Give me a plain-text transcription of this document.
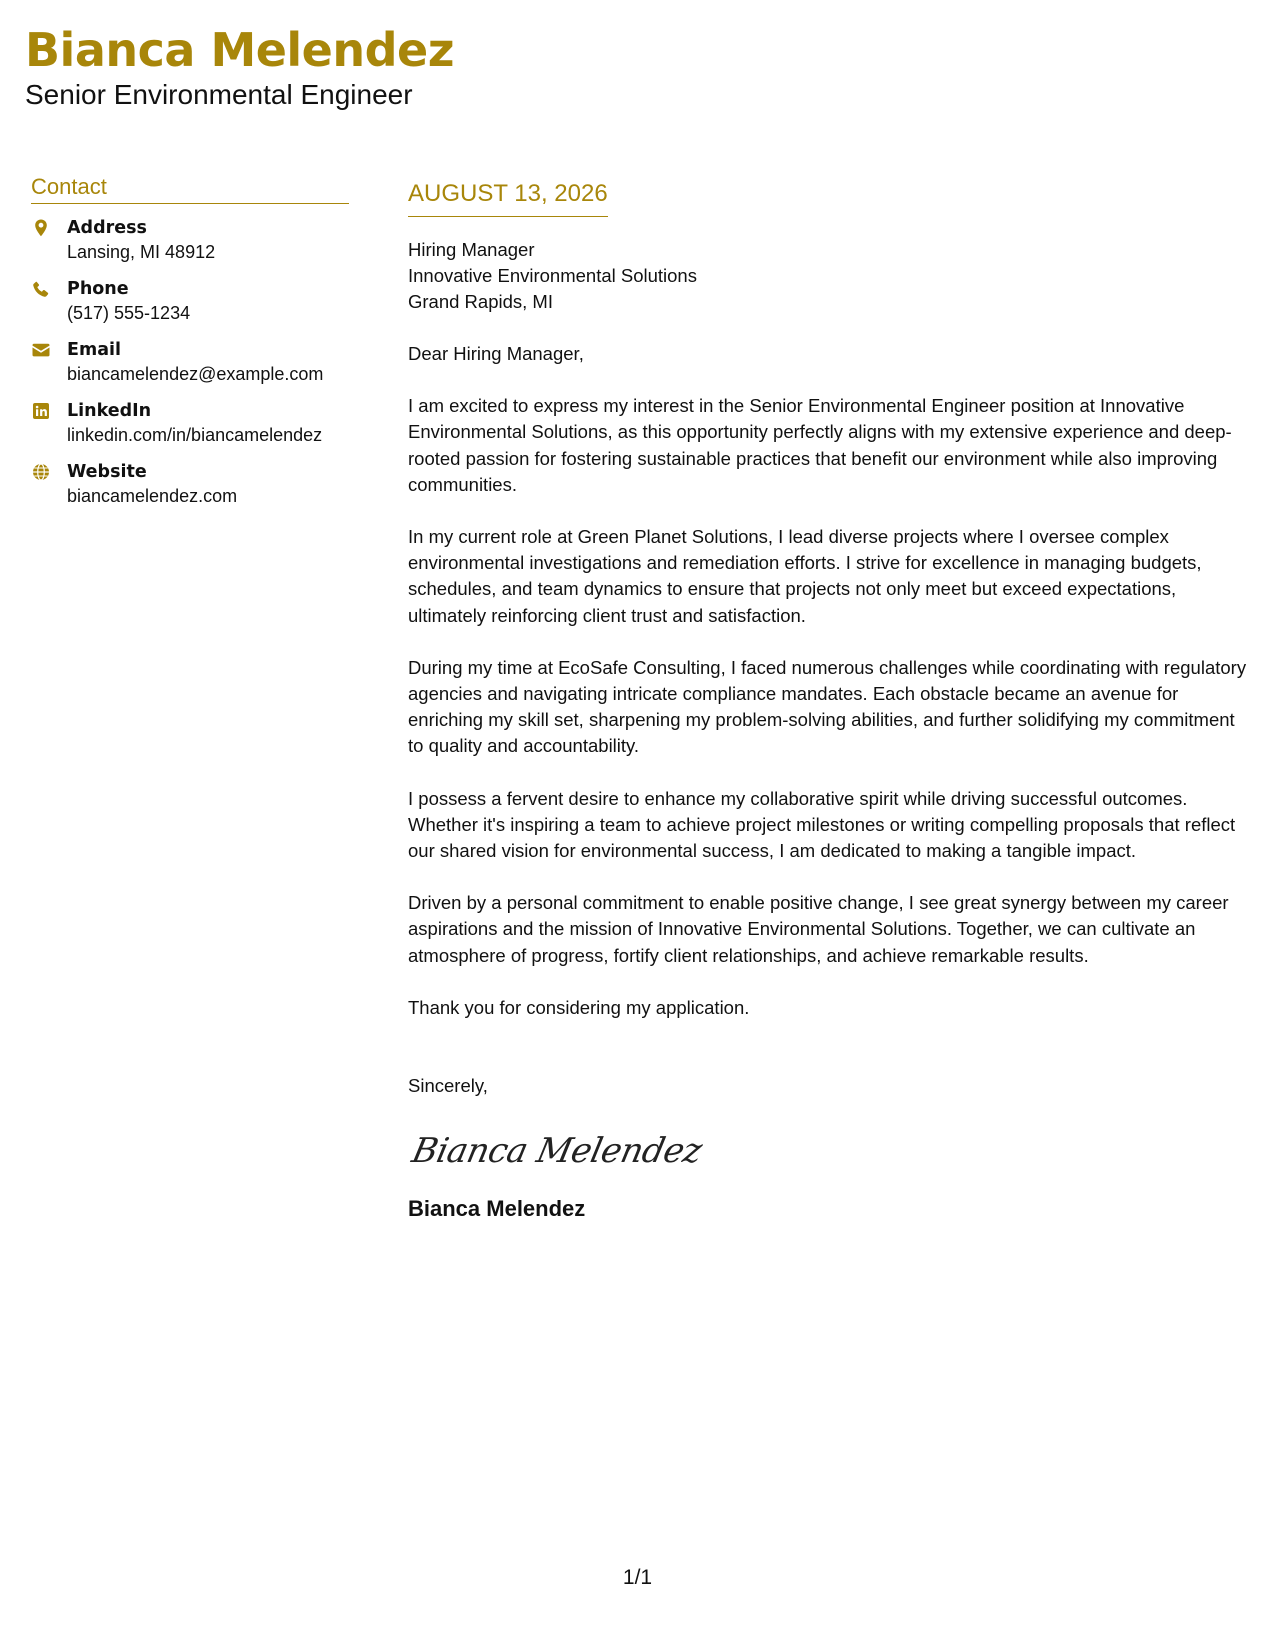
Bianca Melendez
Senior Environmental Engineer
Contact
Address
Lansing, MI 48912
Phone
(517) 555-1234
Email
biancamelendez@example.com
LinkedIn
linkedin.com/in/biancamelendez
Website
biancamelendez.com
AUGUST 13, 2026
Hiring Manager
Innovative Environmental Solutions
Grand Rapids, MI

Dear Hiring Manager,

I am excited to express my interest in the Senior Environmental Engineer position at Innovative Environmental Solutions, as this opportunity perfectly aligns with my extensive experience and deep-rooted passion for fostering sustainable practices that benefit our environment while also improving communities.

In my current role at Green Planet Solutions, I lead diverse projects where I oversee complex environmental investigations and remediation efforts. I strive for excellence in managing budgets, schedules, and team dynamics to ensure that projects not only meet but exceed expectations, ultimately reinforcing client trust and satisfaction.

During my time at EcoSafe Consulting, I faced numerous challenges while coordinating with regulatory agencies and navigating intricate compliance mandates. Each obstacle became an avenue for enriching my skill set, sharpening my problem-solving abilities, and further solidifying my commitment to quality and accountability.

I possess a fervent desire to enhance my collaborative spirit while driving successful outcomes. Whether it's inspiring a team to achieve project milestones or writing compelling proposals that reflect our shared vision for environmental success, I am dedicated to making a tangible impact.

Driven by a personal commitment to enable positive change, I see great synergy between my career aspirations and the mission of Innovative Environmental Solutions. Together, we can cultivate an atmosphere of progress, fortify client relationships, and achieve remarkable results.

Thank you for considering my application.

Sincerely,
Bianca Melendez
Bianca Melendez
1/1
